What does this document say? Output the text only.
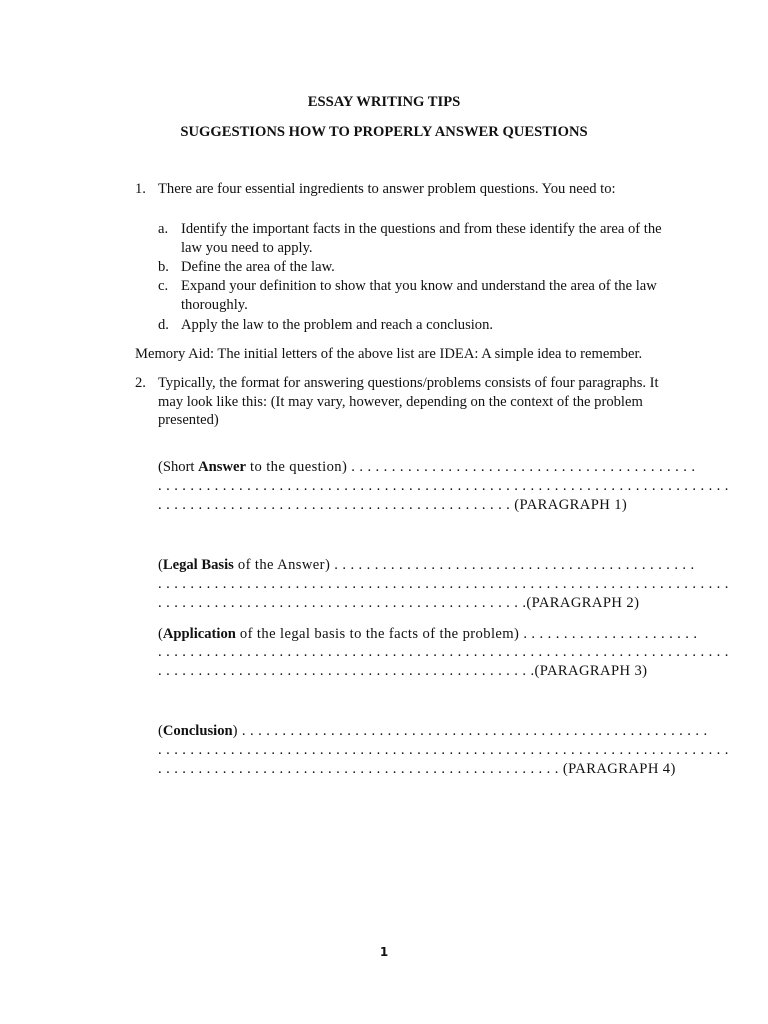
ESSAY WRITING TIPS
SUGGESTIONS HOW TO PROPERLY ANSWER QUESTIONS
1. There are four essential ingredients to answer problem questions. You need to:
a. Identify the important facts in the questions and from these identify the area of the
law you need to apply.
b. Define the area of the law.
c. Expand your definition to show that you know and understand the area of the law
thoroughly.
d. Apply the law to the problem and reach a conclusion.
Memory Aid: The initial letters of the above list are IDEA: A simple idea to remember.
2. Typically, the format for answering questions/problems consists of four paragraphs. It
may look like this: (It may vary, however, depending on the context of the problem
presented)
(Short Answer to the question) . . . . . . . . . . . . . . . . . . . . . . . . . . . . . . . . . . . . . . . . . . .
. . . . . . . . . . . . . . . . . . . . . . . . . . . . . . . . . . . . . . . . . . . . . . . . . . . . . . . . . . . . . . . . . . . . . . .
. . . . . . . . . . . . . . . . . . . . . . . . . . . . . . . . . . . . . . . . . . . . (PARAGRAPH 1)
(Legal Basis of the Answer) . . . . . . . . . . . . . . . . . . . . . . . . . . . . . . . . . . . . . . . . . . . . .
. . . . . . . . . . . . . . . . . . . . . . . . . . . . . . . . . . . . . . . . . . . . . . . . . . . . . . . . . . . . . . . . . . . . . . .
. . . . . . . . . . . . . . . . . . . . . . . . . . . . . . . . . . . . . . . . . . . . . .(PARAGRAPH 2)
(Application of the legal basis to the facts of the problem) . . . . . . . . . . . . . . . . . . . . . .
. . . . . . . . . . . . . . . . . . . . . . . . . . . . . . . . . . . . . . . . . . . . . . . . . . . . . . . . . . . . . . . . . . . . . . .
. . . . . . . . . . . . . . . . . . . . . . . . . . . . . . . . . . . . . . . . . . . . . . .(PARAGRAPH 3)
(Conclusion) . . . . . . . . . . . . . . . . . . . . . . . . . . . . . . . . . . . . . . . . . . . . . . . . . . . . . . . . . .
. . . . . . . . . . . . . . . . . . . . . . . . . . . . . . . . . . . . . . . . . . . . . . . . . . . . . . . . . . . . . . . . . . . . . . .
. . . . . . . . . . . . . . . . . . . . . . . . . . . . . . . . . . . . . . . . . . . . . . . . . . (PARAGRAPH 4)
1
